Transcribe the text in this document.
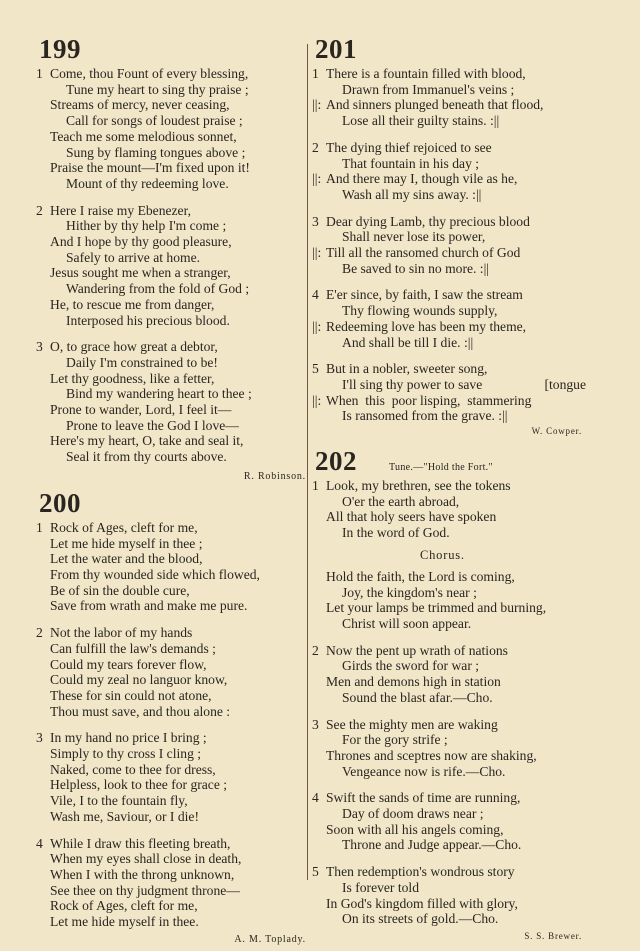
199
1 Come, thou Fount of every blessing,
Tune my heart to sing thy praise ;
Streams of mercy, never ceasing,
Call for songs of loudest praise ;
Teach me some melodious sonnet,
Sung by flaming tongues above ;
Praise the mount—I'm fixed upon it!
Mount of thy redeeming love.
2 Here I raise my Ebenezer,
Hither by thy help I'm come ;
And I hope by thy good pleasure,
Safely to arrive at home.
Jesus sought me when a stranger,
Wandering from the fold of God ;
He, to rescue me from danger,
Interposed his precious blood.
3 O, to grace how great a debtor,
Daily I'm constrained to be!
Let thy goodness, like a fetter,
Bind my wandering heart to thee ;
Prone to wander, Lord, I feel it—
Prone to leave the God I love—
Here's my heart, O, take and seal it,
Seal it from thy courts above.
R. Robinson.
200
1 Rock of Ages, cleft for me,
Let me hide myself in thee ;
Let the water and the blood,
From thy wounded side which flowed,
Be of sin the double cure,
Save from wrath and make me pure.
2 Not the labor of my hands
Can fulfill the law's demands ;
Could my tears forever flow,
Could my zeal no languor know,
These for sin could not atone,
Thou must save, and thou alone :
3 In my hand no price I bring ;
Simply to thy cross I cling ;
Naked, come to thee for dress,
Helpless, look to thee for grace ;
Vile, I to the fountain fly,
Wash me, Saviour, or I die!
4 While I draw this fleeting breath,
When my eyes shall close in death,
When I with the throng unknown,
See thee on thy judgment throne—
Rock of Ages, cleft for me,
Let me hide myself in thee.
A. M. Toplady.
201
1 There is a fountain filled with blood,
Drawn from Immanuel's veins ;
||: And sinners plunged beneath that flood,
Lose all their guilty stains. :||
2 The dying thief rejoiced to see
That fountain in his day ;
||: And there may I, though vile as he,
Wash all my sins away. :||
3 Dear dying Lamb, thy precious blood
Shall never lose its power,
||: Till all the ransomed church of God
Be saved to sin no more. :||
4 E'er since, by faith, I saw the stream
Thy flowing wounds supply,
||: Redeeming love has been my theme,
And shall be till I die. :||
5 But in a nobler, sweeter song,
I'll sing thy power to save	[tongue
||: When  this  poor lisping,  stammering
Is ransomed from the grave. :||
W. Cowper.
202	Tune.—"Hold the Fort."
1 Look, my brethren, see the tokens
O'er the earth abroad,
All that holy seers have spoken
In the word of God.
Chorus.
Hold the faith, the Lord is coming,
Joy, the kingdom's near ;
Let your lamps be trimmed and burning,
Christ will soon appear.
2 Now the pent up wrath of nations
Girds the sword for war ;
Men and demons high in station
Sound the blast afar.—Cho.
3 See the mighty men are waking
For the gory strife ;
Thrones and sceptres now are shaking,
Vengeance now is rife.—Cho.
4 Swift the sands of time are running,
Day of doom draws near ;
Soon with all his angels coming,
Throne and Judge appear.—Cho.
5 Then redemption's wondrous story
Is forever told
In God's kingdom filled with glory,
On its streets of gold.—Cho.
S. S. Brewer.
